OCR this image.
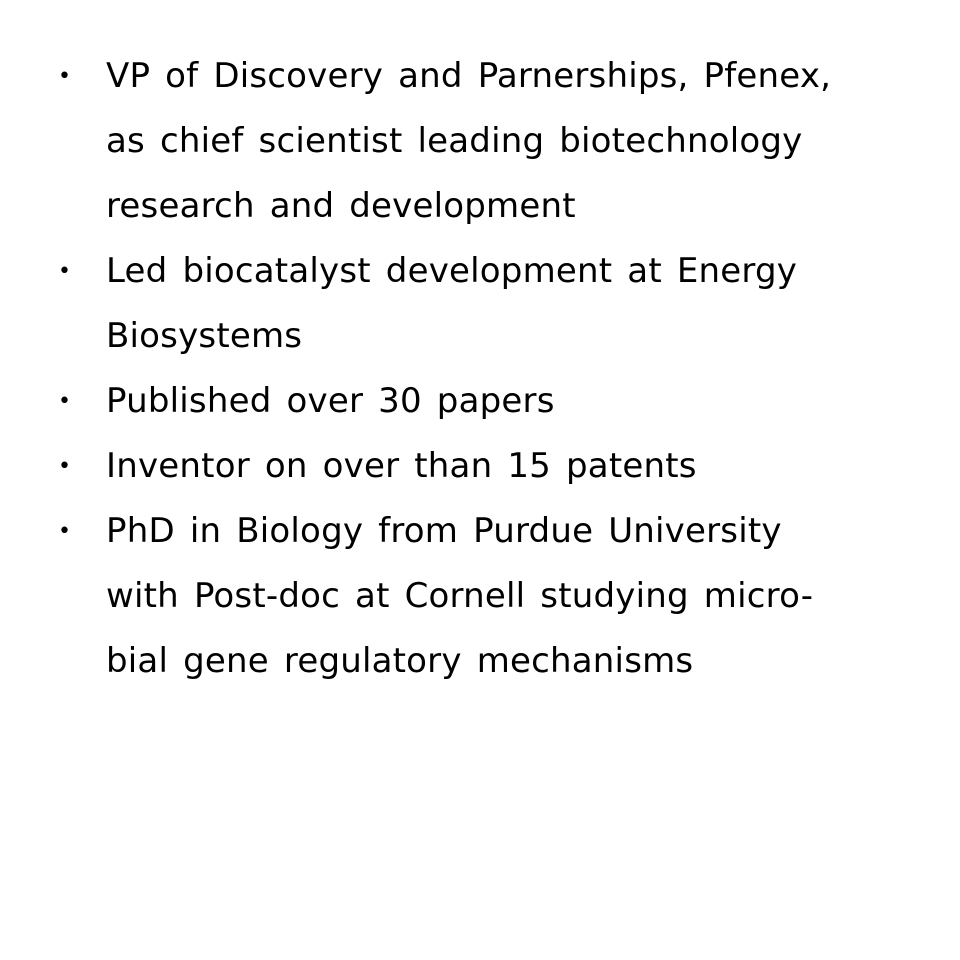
• VP of Discovery and Parnerships, Pfenex,
as chief scientist leading biotechnology
research and development
• Led biocatalyst development at Energy
Biosystems
• Published over 30 papers
• Inventor on over than 15 patents
• PhD in Biology from Purdue University
with Post-doc at Cornell studying micro-
bial gene regulatory mechanisms
